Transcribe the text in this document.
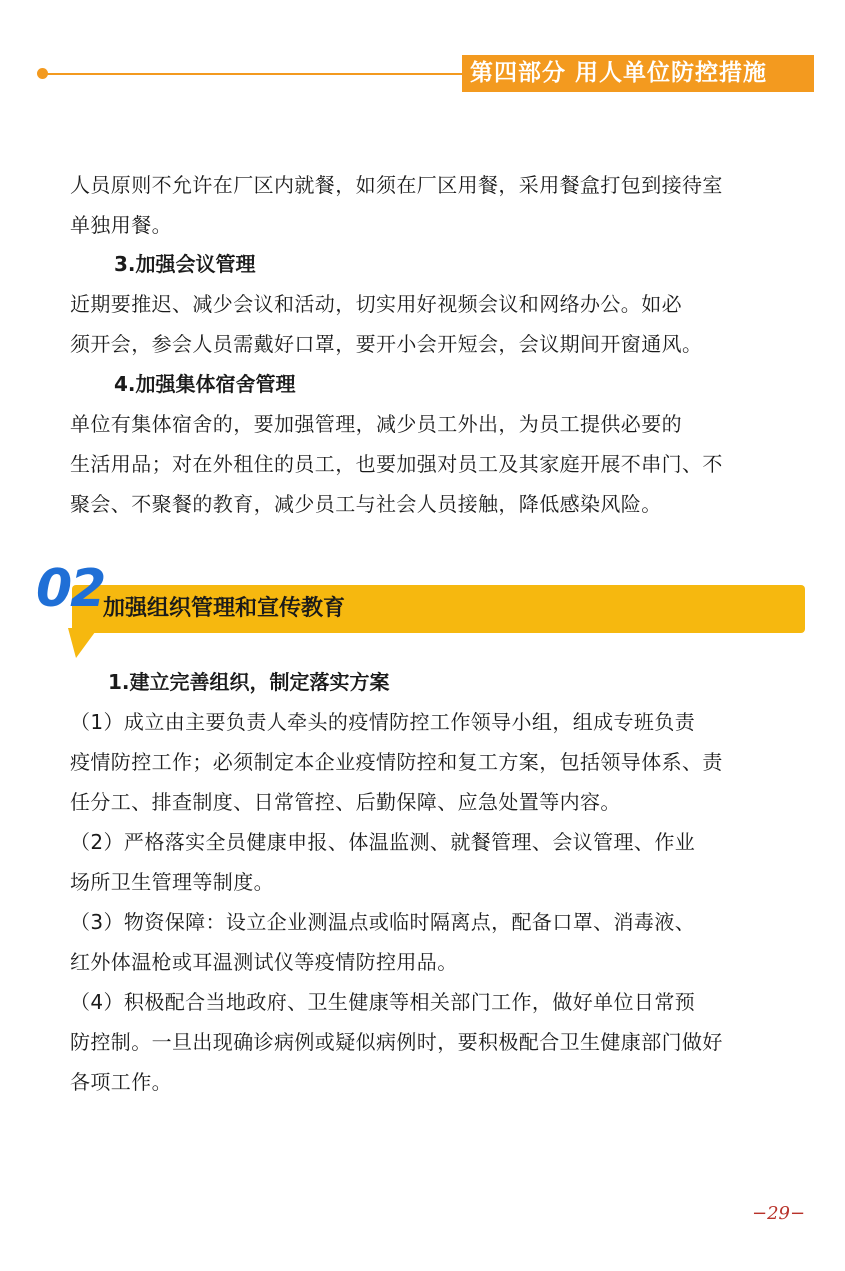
第四部分 用人单位防控措施

人员原则不允许在厂区内就餐，如须在厂区用餐，采用餐盒打包到接待室
单独用餐。

3.加强会议管理

近期要推迟、减少会议和活动，切实用好视频会议和网络办公。如必
须开会，参会人员需戴好口罩，要开小会开短会，会议期间开窗通风。

4.加强集体宿舍管理

单位有集体宿舍的，要加强管理，减少员工外出，为员工提供必要的
生活用品；对在外租住的员工，也要加强对员工及其家庭开展不串门、不
聚会、不聚餐的教育，减少员工与社会人员接触，降低感染风险。

02
加强组织管理和宣传教育

1.建立完善组织，制定落实方案

（1）成立由主要负责人牵头的疫情防控工作领导小组，组成专班负责
疫情防控工作；必须制定本企业疫情防控和复工方案，包括领导体系、责
任分工、排查制度、日常管控、后勤保障、应急处置等内容。

（2）严格落实全员健康申报、体温监测、就餐管理、会议管理、作业
场所卫生管理等制度。

（3）物资保障：设立企业测温点或临时隔离点，配备口罩、消毒液、
红外体温枪或耳温测试仪等疫情防控用品。

（4）积极配合当地政府、卫生健康等相关部门工作，做好单位日常预
防控制。一旦出现确诊病例或疑似病例时，要积极配合卫生健康部门做好
各项工作。

−29−
